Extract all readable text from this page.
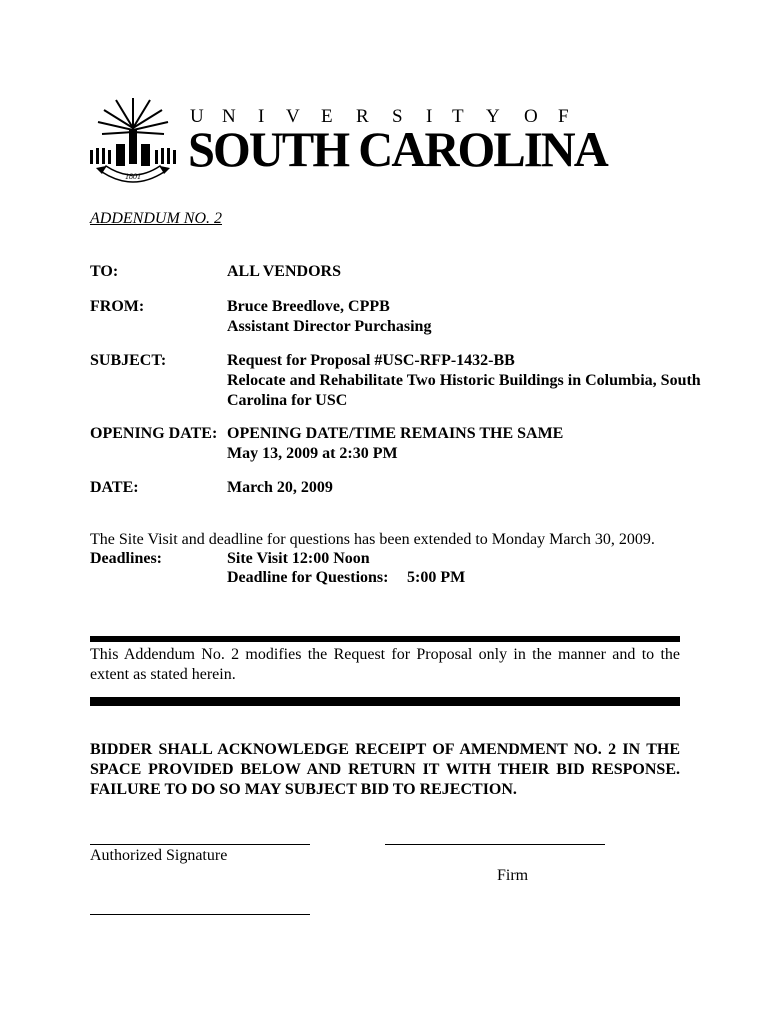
1801
U N I V E R S I T Y O F
SOUTH CAROLINA
ADDENDUM NO. 2
TO:	ALL VENDORS
FROM:	Bruce Breedlove, CPPB
Assistant Director Purchasing
SUBJECT:	Request for Proposal #USC-RFP-1432-BB
Relocate and Rehabilitate Two Historic Buildings in Columbia, South
Carolina for USC
OPENING DATE: OPENING DATE/TIME REMAINS THE SAME
May 13, 2009 at 2:30 PM
DATE:	March 20, 2009
The Site Visit and deadline for questions has been extended to Monday March 30, 2009.
Deadlines:	Site Visit 12:00 Noon
Deadline for Questions: 5:00 PM
This Addendum No. 2 modifies the Request for Proposal only in the manner and to the extent as stated herein.
BIDDER SHALL ACKNOWLEDGE RECEIPT OF AMENDMENT NO. 2 IN THE SPACE PROVIDED BELOW AND RETURN IT WITH THEIR BID RESPONSE. FAILURE TO DO SO MAY SUBJECT BID TO REJECTION.
Authorized Signature
Firm
